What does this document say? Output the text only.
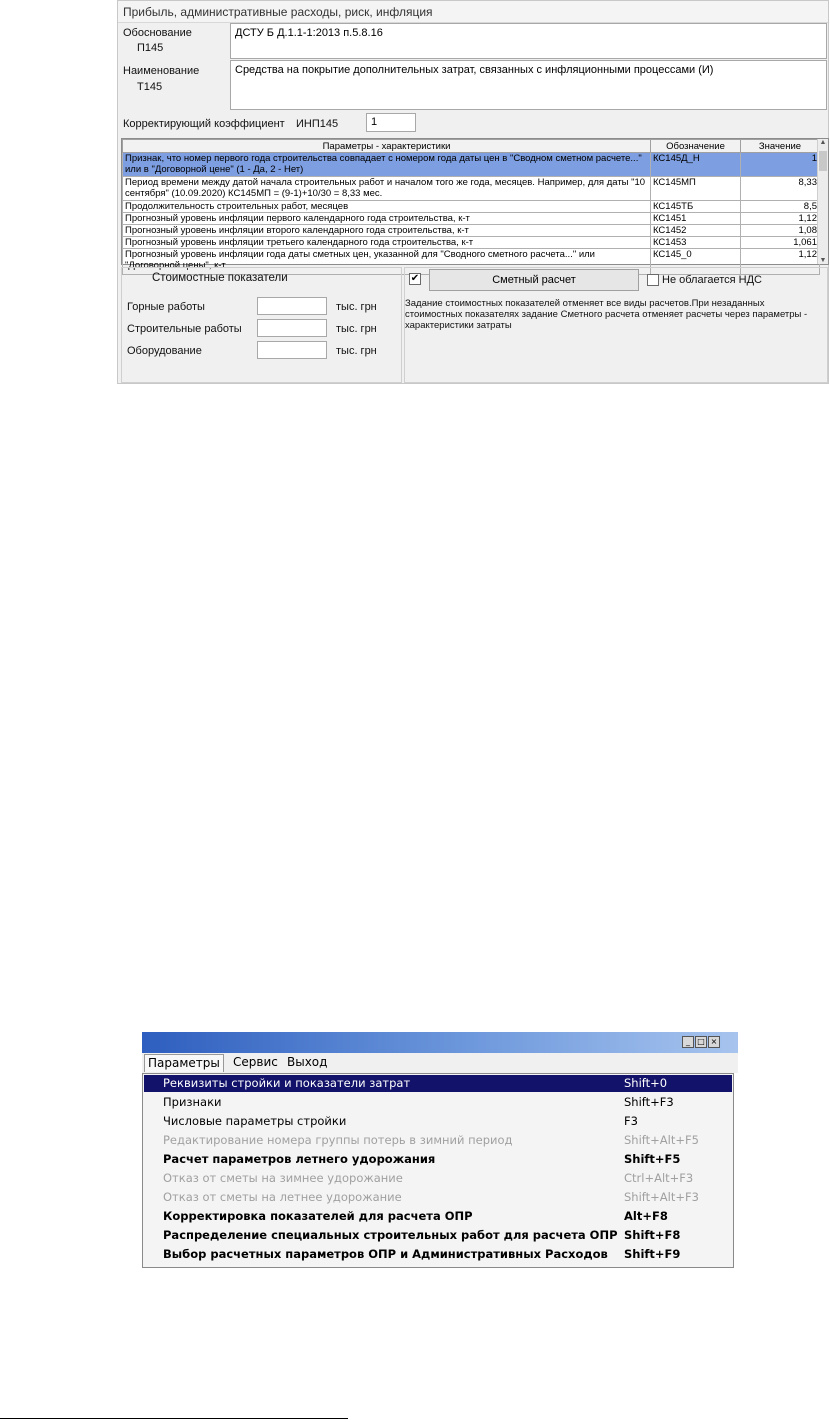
Прибыль, административные расходы, риск, инфляция
Обоснование
П145
ДСТУ Б Д.1.1-1:2013 п.5.8.16
Наименование
Т145
Средства на покрытие дополнительных затрат, связанных с инфляционными процессами (И)
Корректирующий коэффициент ИНП145	1
Параметры - характеристики	Обозначение	Значение
Признак, что номер первого года строительства совпадает с номером года даты цен в "Сводном сметном расчете..." или в "Договорной цене" (1 - Да, 2 - Нет)	КС145Д_Н	1
Период времени между датой начала строительных работ и началом того же года, месяцев. Например, для даты "10 сентября" (10.09.2020) КС145МП = (9-1)+10/30 = 8,33 мес.	КС145МП	8,33
Продолжительность строительных работ, месяцев	КС145ТБ	8,5
Прогнозный уровень инфляции первого календарного года строительства, к-т	КС1451	1,12
Прогнозный уровень инфляции второго календарного года строительства, к-т	КС1452	1,08
Прогнозный уровень инфляции третьего календарного года строительства, к-т	КС1453	1,061
Прогнозный уровень инфляции года даты сметных цен, указанной для "Сводного сметного расчета..." или "Договорной цены", к-т	КС145_0	1,12
▲
▼
Стоимостные показатели
Горные работы	тыс. грн
Строительные работы	тыс. грн
Оборудование	тыс. грн
✔	Сметный расчет	Не облагается НДС
Задание стоимостных показателей отменяет все виды расчетов.При незаданных стоимостных показателях задание Сметного расчета отменяет расчеты через параметры - характеристики затраты
_ □ ×
Параметры	Сервис Выход
Реквизиты стройки и показатели затрат	Shift+0
Признаки	Shift+F3
Числовые параметры стройки	F3
Редактирование номера группы потерь в зимний период	Shift+Alt+F5
Расчет параметров летнего удорожания	Shift+F5
Отказ от сметы на зимнее удорожание	Ctrl+Alt+F3
Отказ от сметы на летнее удорожание	Shift+Alt+F3
Корректировка показателей для расчета ОПР	Alt+F8
Распределение специальных строительных работ для расчета ОПР Shift+F8
Выбор расчетных параметров ОПР и Административных Расходов Shift+F9
